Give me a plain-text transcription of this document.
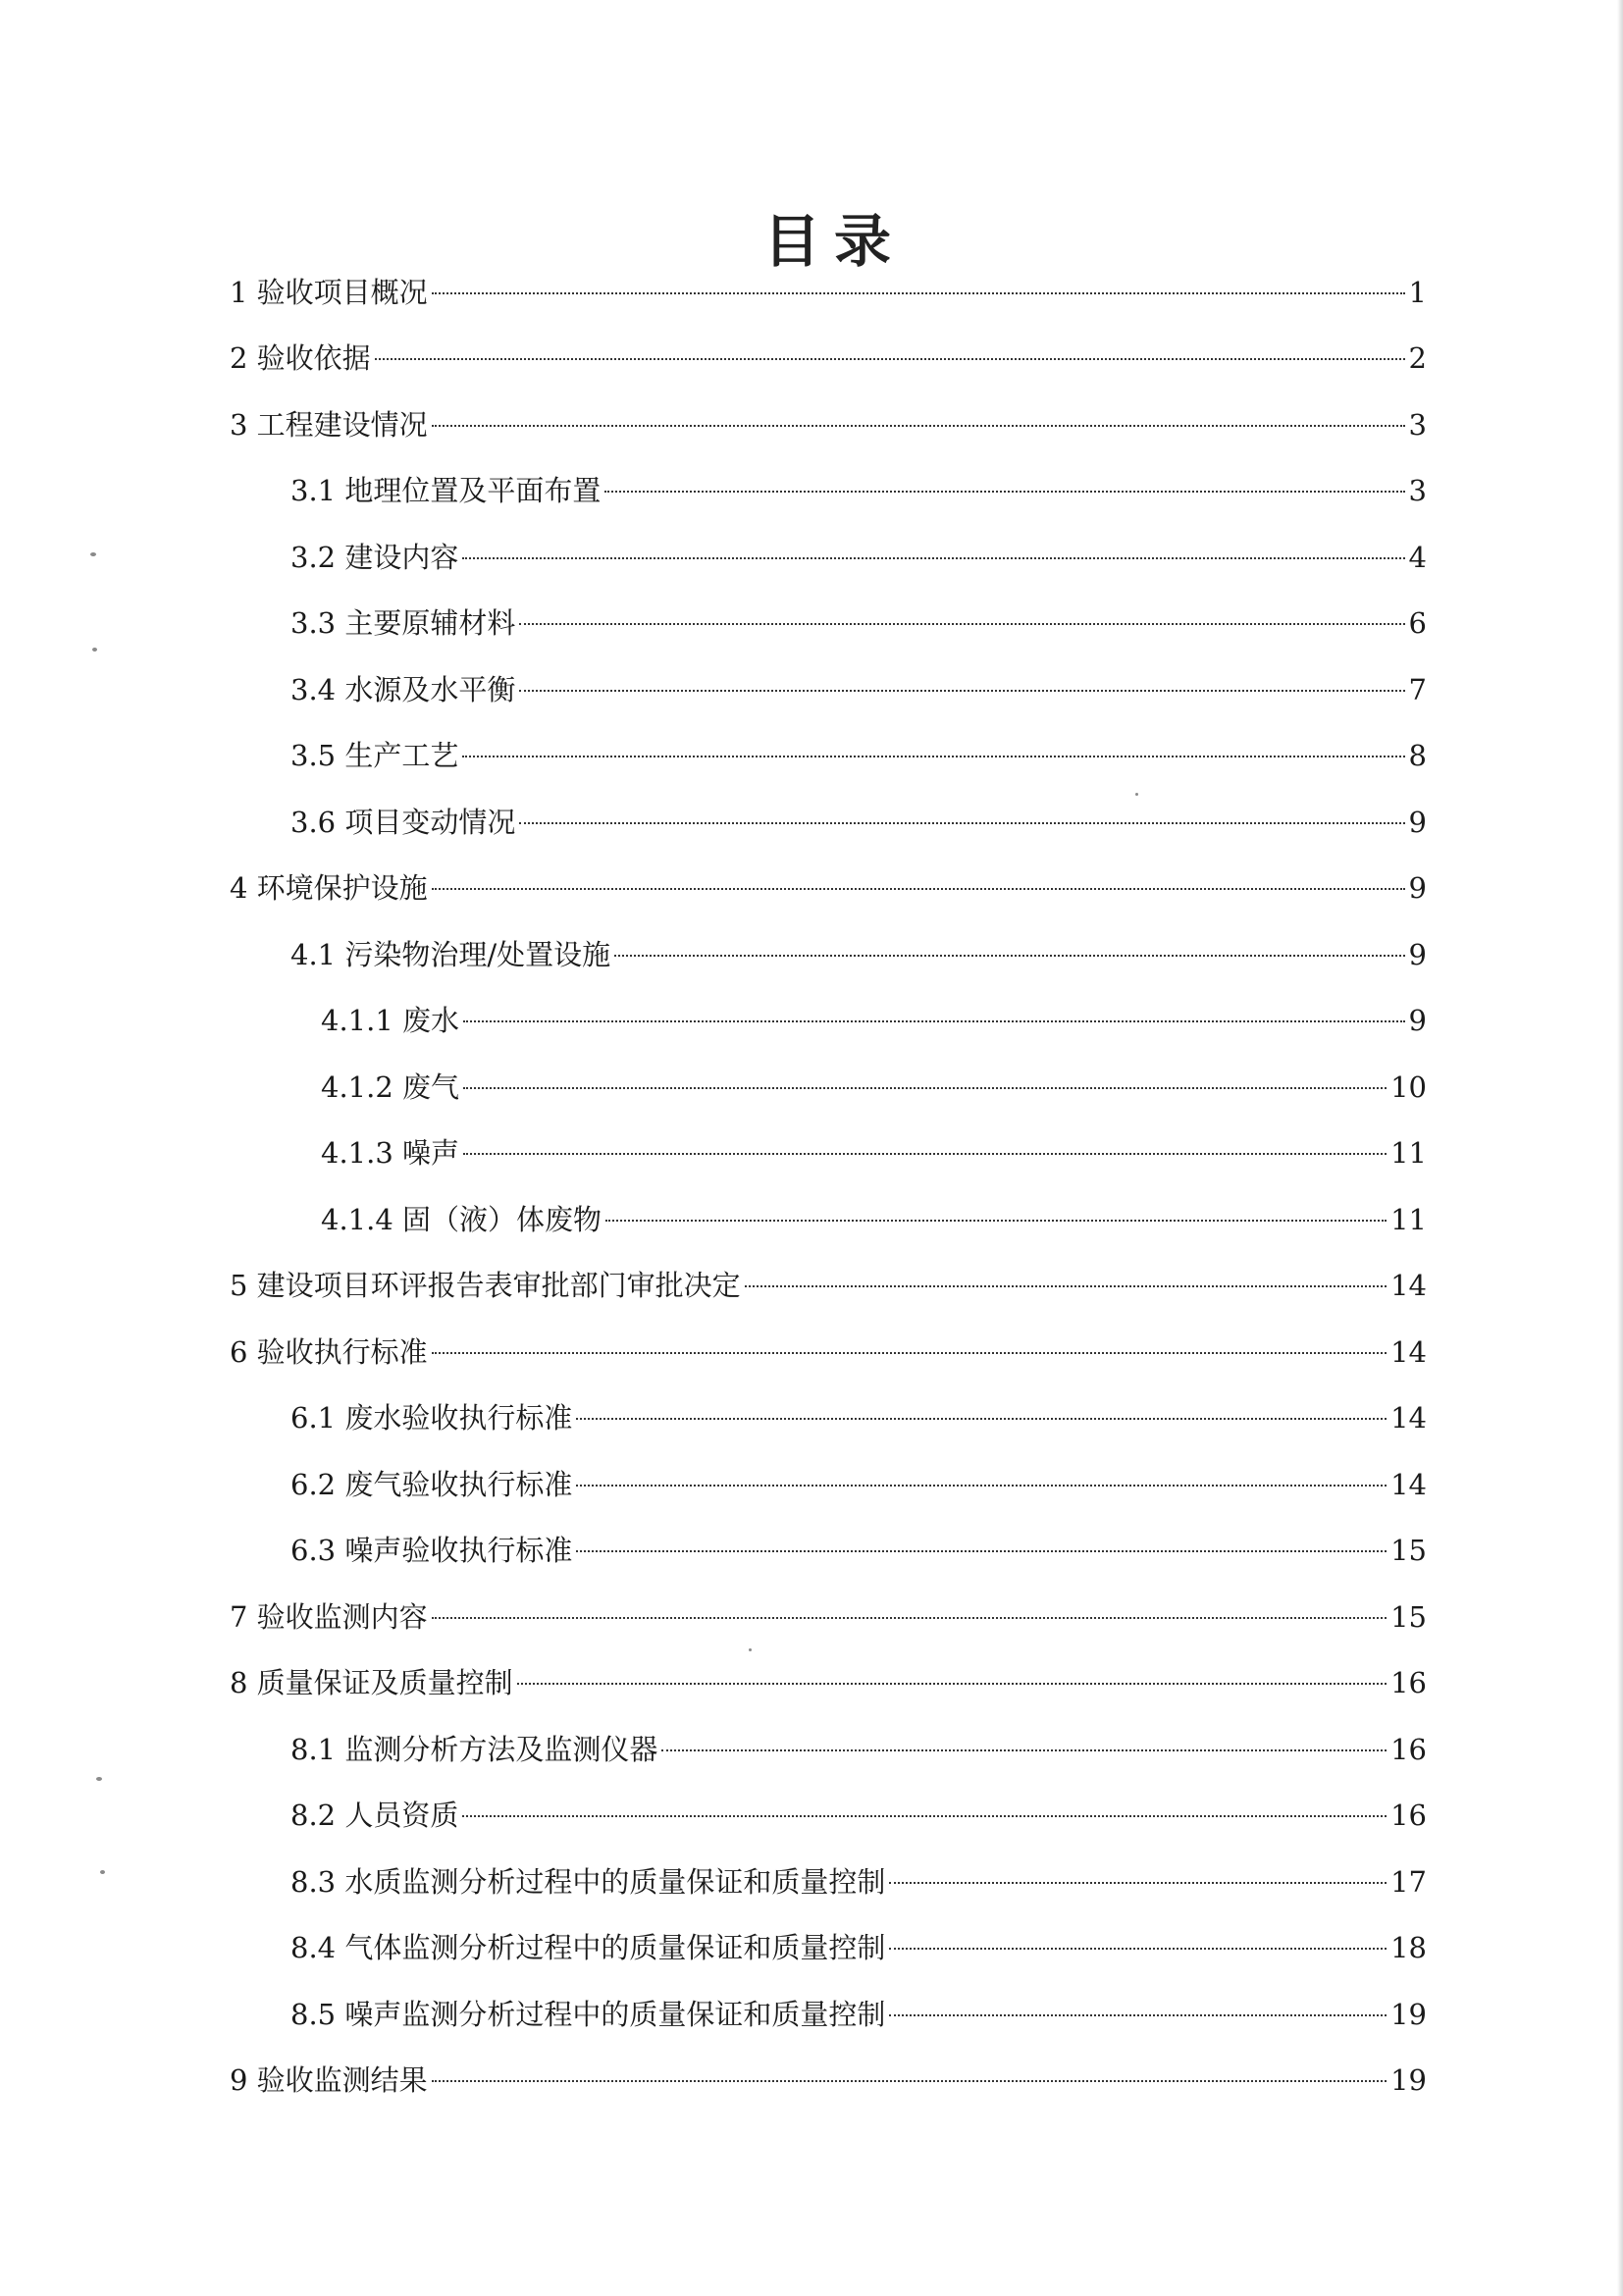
目录
1 验收项目概况	1
2 验收依据	2
3 工程建设情况	3
3.1 地理位置及平面布置	3
3.2 建设内容	4
3.3 主要原辅材料	6
3.4 水源及水平衡	7
3.5 生产工艺	8
3.6 项目变动情况	9
4 环境保护设施	9
4.1 污染物治理/处置设施	9
4.1.1 废水	9
4.1.2 废气	10
4.1.3 噪声	11
4.1.4 固（液）体废物	11
5 建设项目环评报告表审批部门审批决定	14
6 验收执行标准	14
6.1 废水验收执行标准	14
6.2 废气验收执行标准	14
6.3 噪声验收执行标准	15
7 验收监测内容	15
8 质量保证及质量控制	16
8.1 监测分析方法及监测仪器	16
8.2 人员资质	16
8.3 水质监测分析过程中的质量保证和质量控制	17
8.4 气体监测分析过程中的质量保证和质量控制	18
8.5 噪声监测分析过程中的质量保证和质量控制	19
9 验收监测结果	19
